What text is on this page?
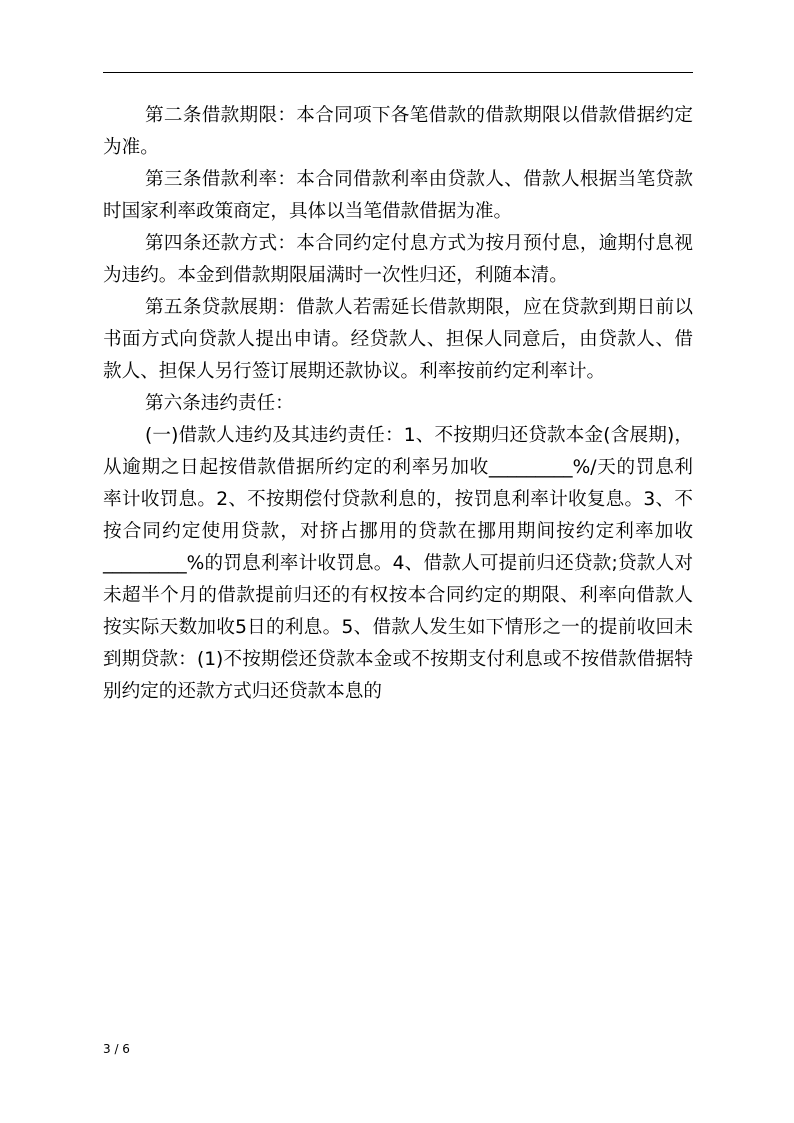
第二条借款期限：本合同项下各笔借款的借款期限以借款借据约定为准。

第三条借款利率：本合同借款利率由贷款人、借款人根据当笔贷款时国家利率政策商定，具体以当笔借款借据为准。

第四条还款方式：本合同约定付息方式为按月预付息，逾期付息视为违约。本金到借款期限届满时一次性归还，利随本清。

第五条贷款展期：借款人若需延长借款期限，应在贷款到期日前以书面方式向贷款人提出申请。经贷款人、担保人同意后，由贷款人、借款人、担保人另行签订展期还款协议。利率按前约定利率计。

第六条违约责任：

(一)借款人违约及其违约责任：1、不按期归还贷款本金(含展期)，从逾期之日起按借款借据所约定的利率另加收_________%/天的罚息利率计收罚息。2、不按期偿付贷款利息的，按罚息利率计收复息。3、不按合同约定使用贷款，对挤占挪用的贷款在挪用期间按约定利率加收_________%的罚息利率计收罚息。4、借款人可提前归还贷款;贷款人对未超半个月的借款提前归还的有权按本合同约定的期限、利率向借款人按实际天数加收5日的利息。5、借款人发生如下情形之一的提前收回未到期贷款：(1)不按期偿还贷款本金或不按期支付利息或不按借款借据特别约定的还款方式归还贷款本息的

3 / 6
